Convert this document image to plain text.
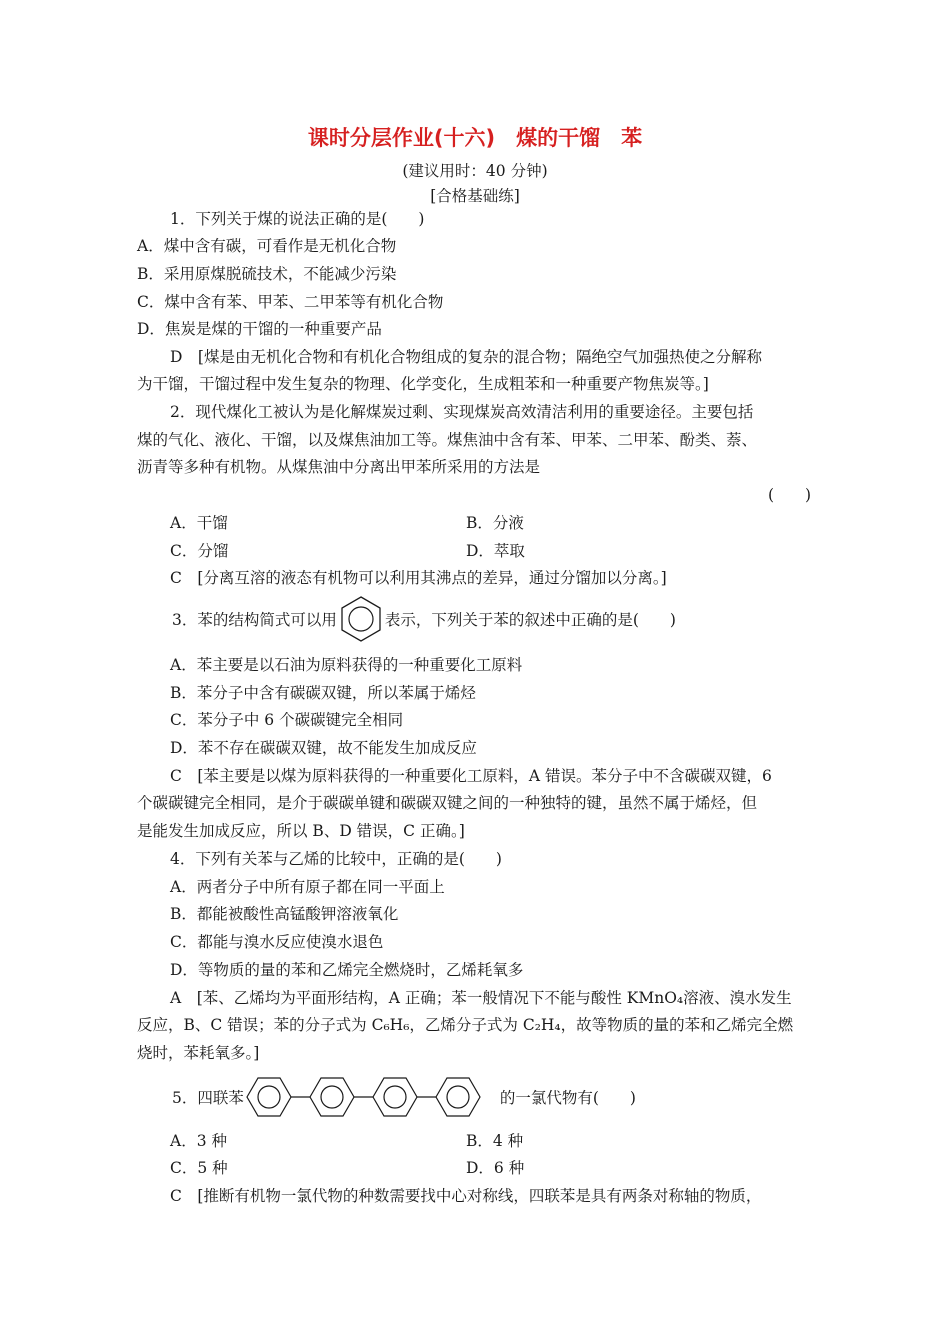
课时分层作业(十六)　煤的干馏　苯
(建议用时：40 分钟)
[合格基础练]
1．下列关于煤的说法正确的是(　　)
A．煤中含有碳，可看作是无机化合物
B．采用原煤脱硫技术，不能减少污染
C．煤中含有苯、甲苯、二甲苯等有机化合物
D．焦炭是煤的干馏的一种重要产品
D　[煤是由无机化合物和有机化合物组成的复杂的混合物；隔绝空气加强热使之分解称
为干馏，干馏过程中发生复杂的物理、化学变化，生成粗苯和一种重要产物焦炭等。]
2．现代煤化工被认为是化解煤炭过剩、实现煤炭高效清洁利用的重要途径。主要包括
煤的气化、液化、干馏，以及煤焦油加工等。煤焦油中含有苯、甲苯、二甲苯、酚类、萘、
沥青等多种有机物。从煤焦油中分离出甲苯所采用的方法是
(　　)
A．干馏	B．分液
C．分馏	D．萃取
C　[分离互溶的液态有机物可以利用其沸点的差异，通过分馏加以分离。]
3．苯的结构简式可以用	表示，下列关于苯的叙述中正确的是(　　)
A．苯主要是以石油为原料获得的一种重要化工原料
B．苯分子中含有碳碳双键，所以苯属于烯烃
C．苯分子中 6 个碳碳键完全相同
D．苯不存在碳碳双键，故不能发生加成反应
C　[苯主要是以煤为原料获得的一种重要化工原料，A 错误。苯分子中不含碳碳双键，6
个碳碳键完全相同，是介于碳碳单键和碳碳双键之间的一种独特的键，虽然不属于烯烃，但
是能发生加成反应，所以 B、D 错误，C 正确。]
4．下列有关苯与乙烯的比较中，正确的是(　　)
A．两者分子中所有原子都在同一平面上
B．都能被酸性高锰酸钾溶液氧化
C．都能与溴水反应使溴水退色
D．等物质的量的苯和乙烯完全燃烧时，乙烯耗氧多
A　[苯、乙烯均为平面形结构，A 正确；苯一般情况下不能与酸性 KMnO₄溶液、溴水发生
反应，B、C 错误；苯的分子式为 C₆H₆，乙烯分子式为 C₂H₄，故等物质的量的苯和乙烯完全燃
烧时，苯耗氧多。]
5．四联苯	的一氯代物有(　　)
A．3 种	B．4 种
C．5 种	D．6 种
C　[推断有机物一氯代物的种数需要找中心对称线，四联苯是具有两条对称轴的物质，
